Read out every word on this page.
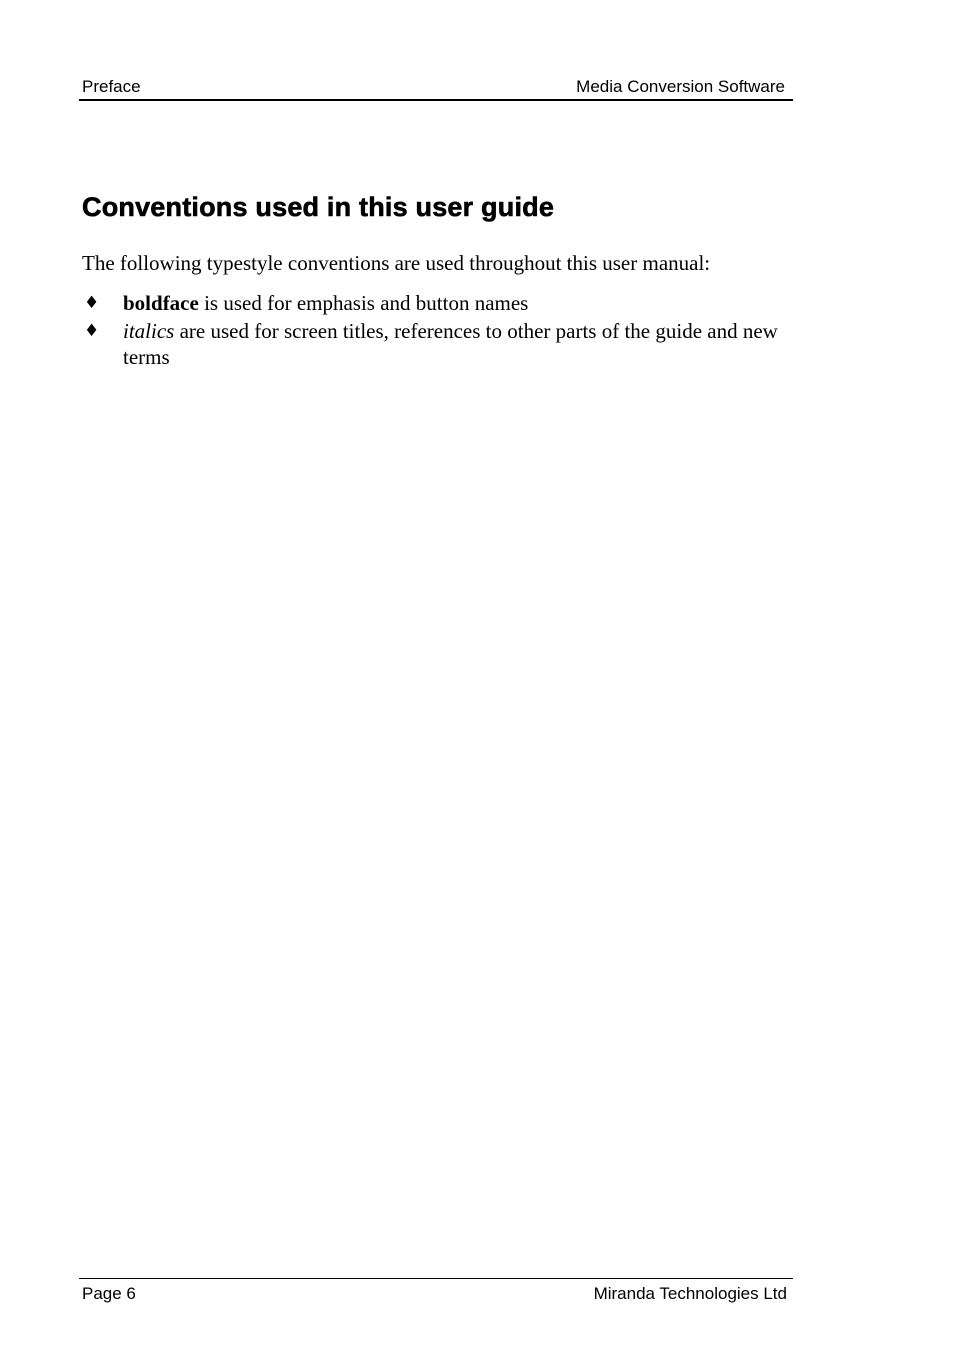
Preface	Media Conversion Software
Conventions used in this user guide

The following typestyle conventions are used throughout this user manual:

♦ boldface is used for emphasis and button names
♦ italics are used for screen titles, references to other parts of the guide and new terms
Page 6	Miranda Technologies Ltd
